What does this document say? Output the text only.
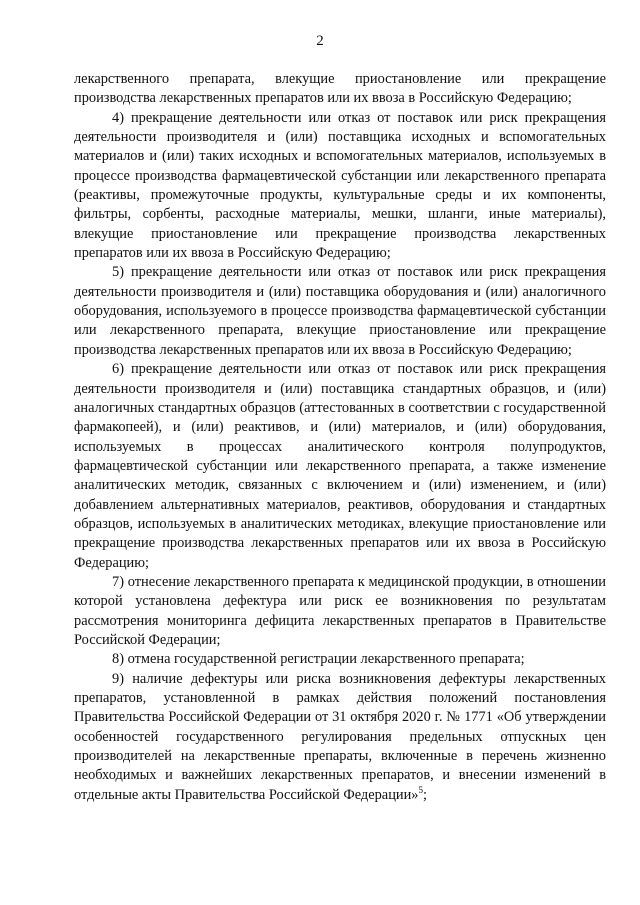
2

лекарственного препарата, влекущие приостановление или прекращение производства лекарственных препаратов или их ввоза в Российскую Федерацию;

4) прекращение деятельности или отказ от поставок или риск прекращения деятельности производителя и (или) поставщика исходных и вспомогательных материалов и (или) таких исходных и вспомогательных материалов, используемых в процессе производства фармацевтической субстанции или лекарственного препарата (реактивы, промежуточные продукты, культуральные среды и их компоненты, фильтры, сорбенты, расходные материалы, мешки, шланги, иные материалы), влекущие приостановление или прекращение производства лекарственных препаратов или их ввоза в Российскую Федерацию;

5) прекращение деятельности или отказ от поставок или риск прекращения деятельности производителя и (или) поставщика оборудования и (или) аналогичного оборудования, используемого в процессе производства фармацевтической субстанции или лекарственного препарата, влекущие приостановление или прекращение производства лекарственных препаратов или их ввоза в Российскую Федерацию;

6) прекращение деятельности или отказ от поставок или риск прекращения деятельности производителя и (или) поставщика стандартных образцов, и (или) аналогичных стандартных образцов (аттестованных в соответствии с государственной фармакопеей), и (или) реактивов, и (или) материалов, и (или) оборудования, используемых в процессах аналитического контроля полупродуктов, фармацевтической субстанции или лекарственного препарата, а также изменение аналитических методик, связанных с включением и (или) изменением, и (или) добавлением альтернативных материалов, реактивов, оборудования и стандартных образцов, используемых в аналитических методиках, влекущие приостановление или прекращение производства лекарственных препаратов или их ввоза в Российскую Федерацию;

7) отнесение лекарственного препарата к медицинской продукции, в отношении которой установлена дефектура или риск ее возникновения по результатам рассмотрения мониторинга дефицита лекарственных препаратов в Правительстве Российской Федерации;

8) отмена государственной регистрации лекарственного препарата;

9) наличие дефектуры или риска возникновения дефектуры лекарственных препаратов, установленной в рамках действия положений постановления Правительства Российской Федерации от 31 октября 2020 г. № 1771 «Об утверждении особенностей государственного регулирования предельных отпускных цен производителей на лекарственные препараты, включенные в перечень жизненно необходимых и важнейших лекарственных препаратов, и внесении изменений в отдельные акты Правительства Российской Федерации»$^5$;
